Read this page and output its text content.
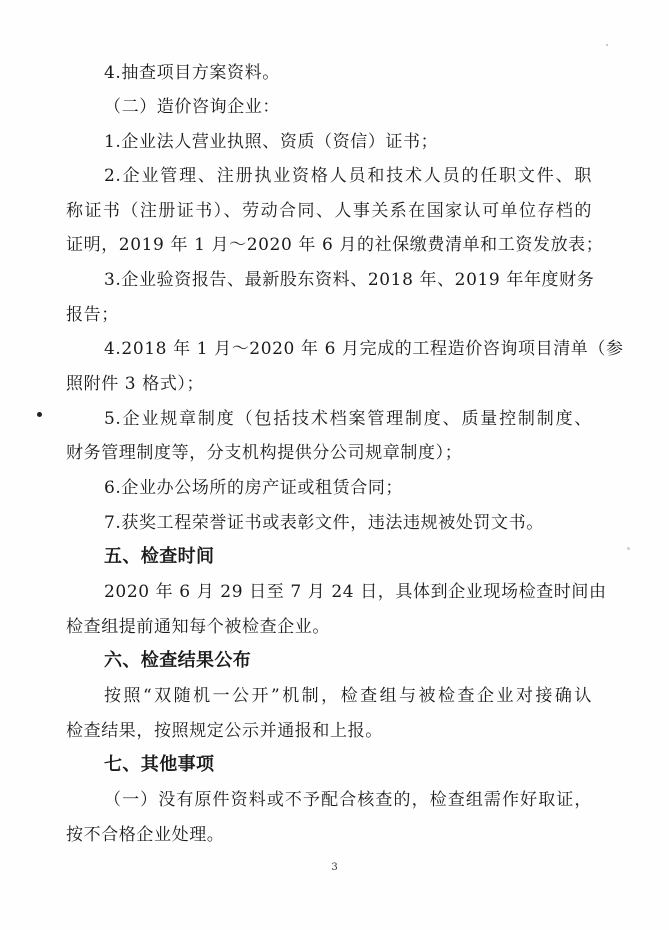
4.抽查项目方案资料。
（二）造价咨询企业：
1.企业法人营业执照、资质（资信）证书；
2.企业管理、注册执业资格人员和技术人员的任职文件、职
称证书（注册证书）、劳动合同、人事关系在国家认可单位存档的
证明，2019 年 1 月～2020 年 6 月的社保缴费清单和工资发放表；
3.企业验资报告、最新股东资料、2018 年、2019 年年度财务
报告；
4.2018 年 1 月～2020 年 6 月完成的工程造价咨询项目清单（参
照附件 3 格式）；
5.企业规章制度（包括技术档案管理制度、质量控制制度、
财务管理制度等，分支机构提供分公司规章制度）；
6.企业办公场所的房产证或租赁合同；
7.获奖工程荣誉证书或表彰文件，违法违规被处罚文书。
五、检查时间
2020 年 6 月 29 日至 7 月 24 日，具体到企业现场检查时间由
检查组提前通知每个被检查企业。
六、检查结果公布
按照“双随机一公开”机制，检查组与被检查企业对接确认
检查结果，按照规定公示并通报和上报。
七、其他事项
（一）没有原件资料或不予配合核查的，检查组需作好取证，
按不合格企业处理。
3
